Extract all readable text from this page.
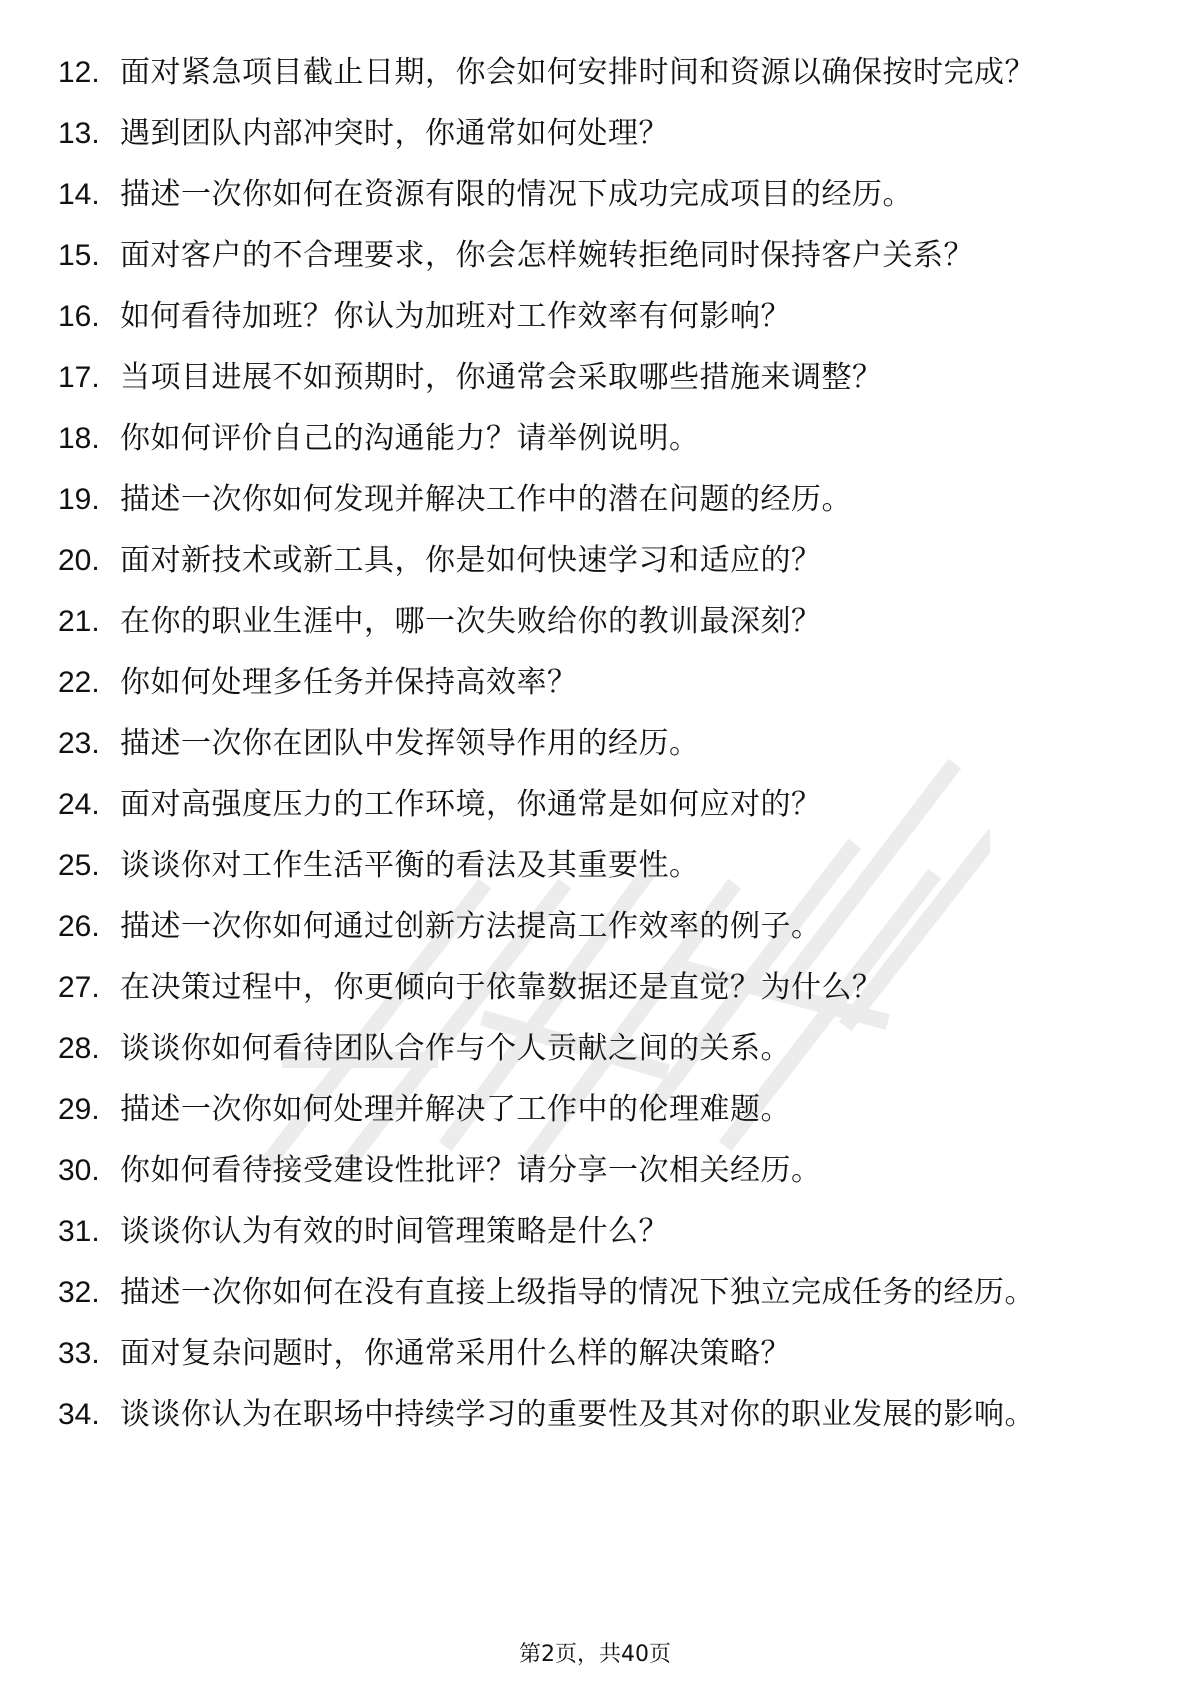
12. 面对紧急项目截止日期，你会如何安排时间和资源以确保按时完成？
13. 遇到团队内部冲突时，你通常如何处理？
14. 描述一次你如何在资源有限的情况下成功完成项目的经历。
15. 面对客户的不合理要求，你会怎样婉转拒绝同时保持客户关系？
16. 如何看待加班？你认为加班对工作效率有何影响？
17. 当项目进展不如预期时，你通常会采取哪些措施来调整？
18. 你如何评价自己的沟通能力？请举例说明。
19. 描述一次你如何发现并解决工作中的潜在问题的经历。
20. 面对新技术或新工具，你是如何快速学习和适应的？
21. 在你的职业生涯中，哪一次失败给你的教训最深刻？
22. 你如何处理多任务并保持高效率？
23. 描述一次你在团队中发挥领导作用的经历。
24. 面对高强度压力的工作环境，你通常是如何应对的？
25. 谈谈你对工作生活平衡的看法及其重要性。
26. 描述一次你如何通过创新方法提高工作效率的例子。
27. 在决策过程中，你更倾向于依靠数据还是直觉？为什么？
28. 谈谈你如何看待团队合作与个人贡献之间的关系。
29. 描述一次你如何处理并解决了工作中的伦理难题。
30. 你如何看待接受建设性批评？请分享一次相关经历。
31. 谈谈你认为有效的时间管理策略是什么？
32. 描述一次你如何在没有直接上级指导的情况下独立完成任务的经历。
33. 面对复杂问题时，你通常采用什么样的解决策略？
34. 谈谈你认为在职场中持续学习的重要性及其对你的职业发展的影响。
第2页，共40页
